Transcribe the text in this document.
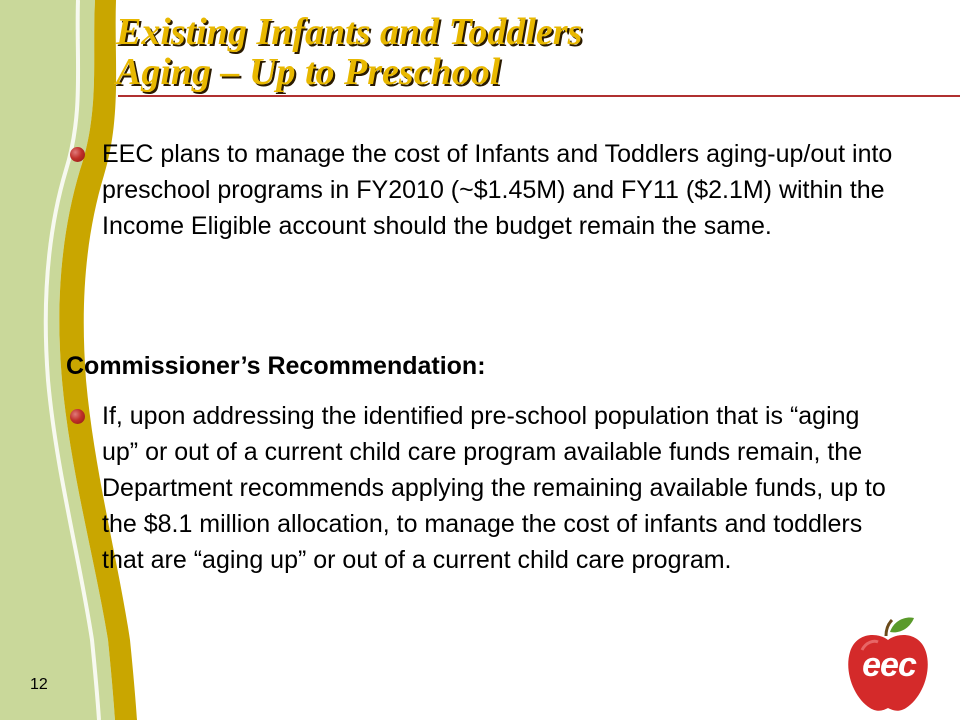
Existing Infants and Toddlers
Aging – Up to Preschool
EEC plans to manage the cost of Infants and Toddlers aging-up/out into preschool programs in FY2010 (~$1.45M) and FY11 ($2.1M) within the Income Eligible account should the budget remain the same.
Commissioner’s Recommendation:
If, upon addressing the identified pre-school population that is “aging up” or out of a current child care program available funds remain, the Department recommends applying the remaining available funds, up to the $8.1 million allocation, to manage the cost of infants and toddlers that are “aging up” or out of a current child care program.
12
eec
